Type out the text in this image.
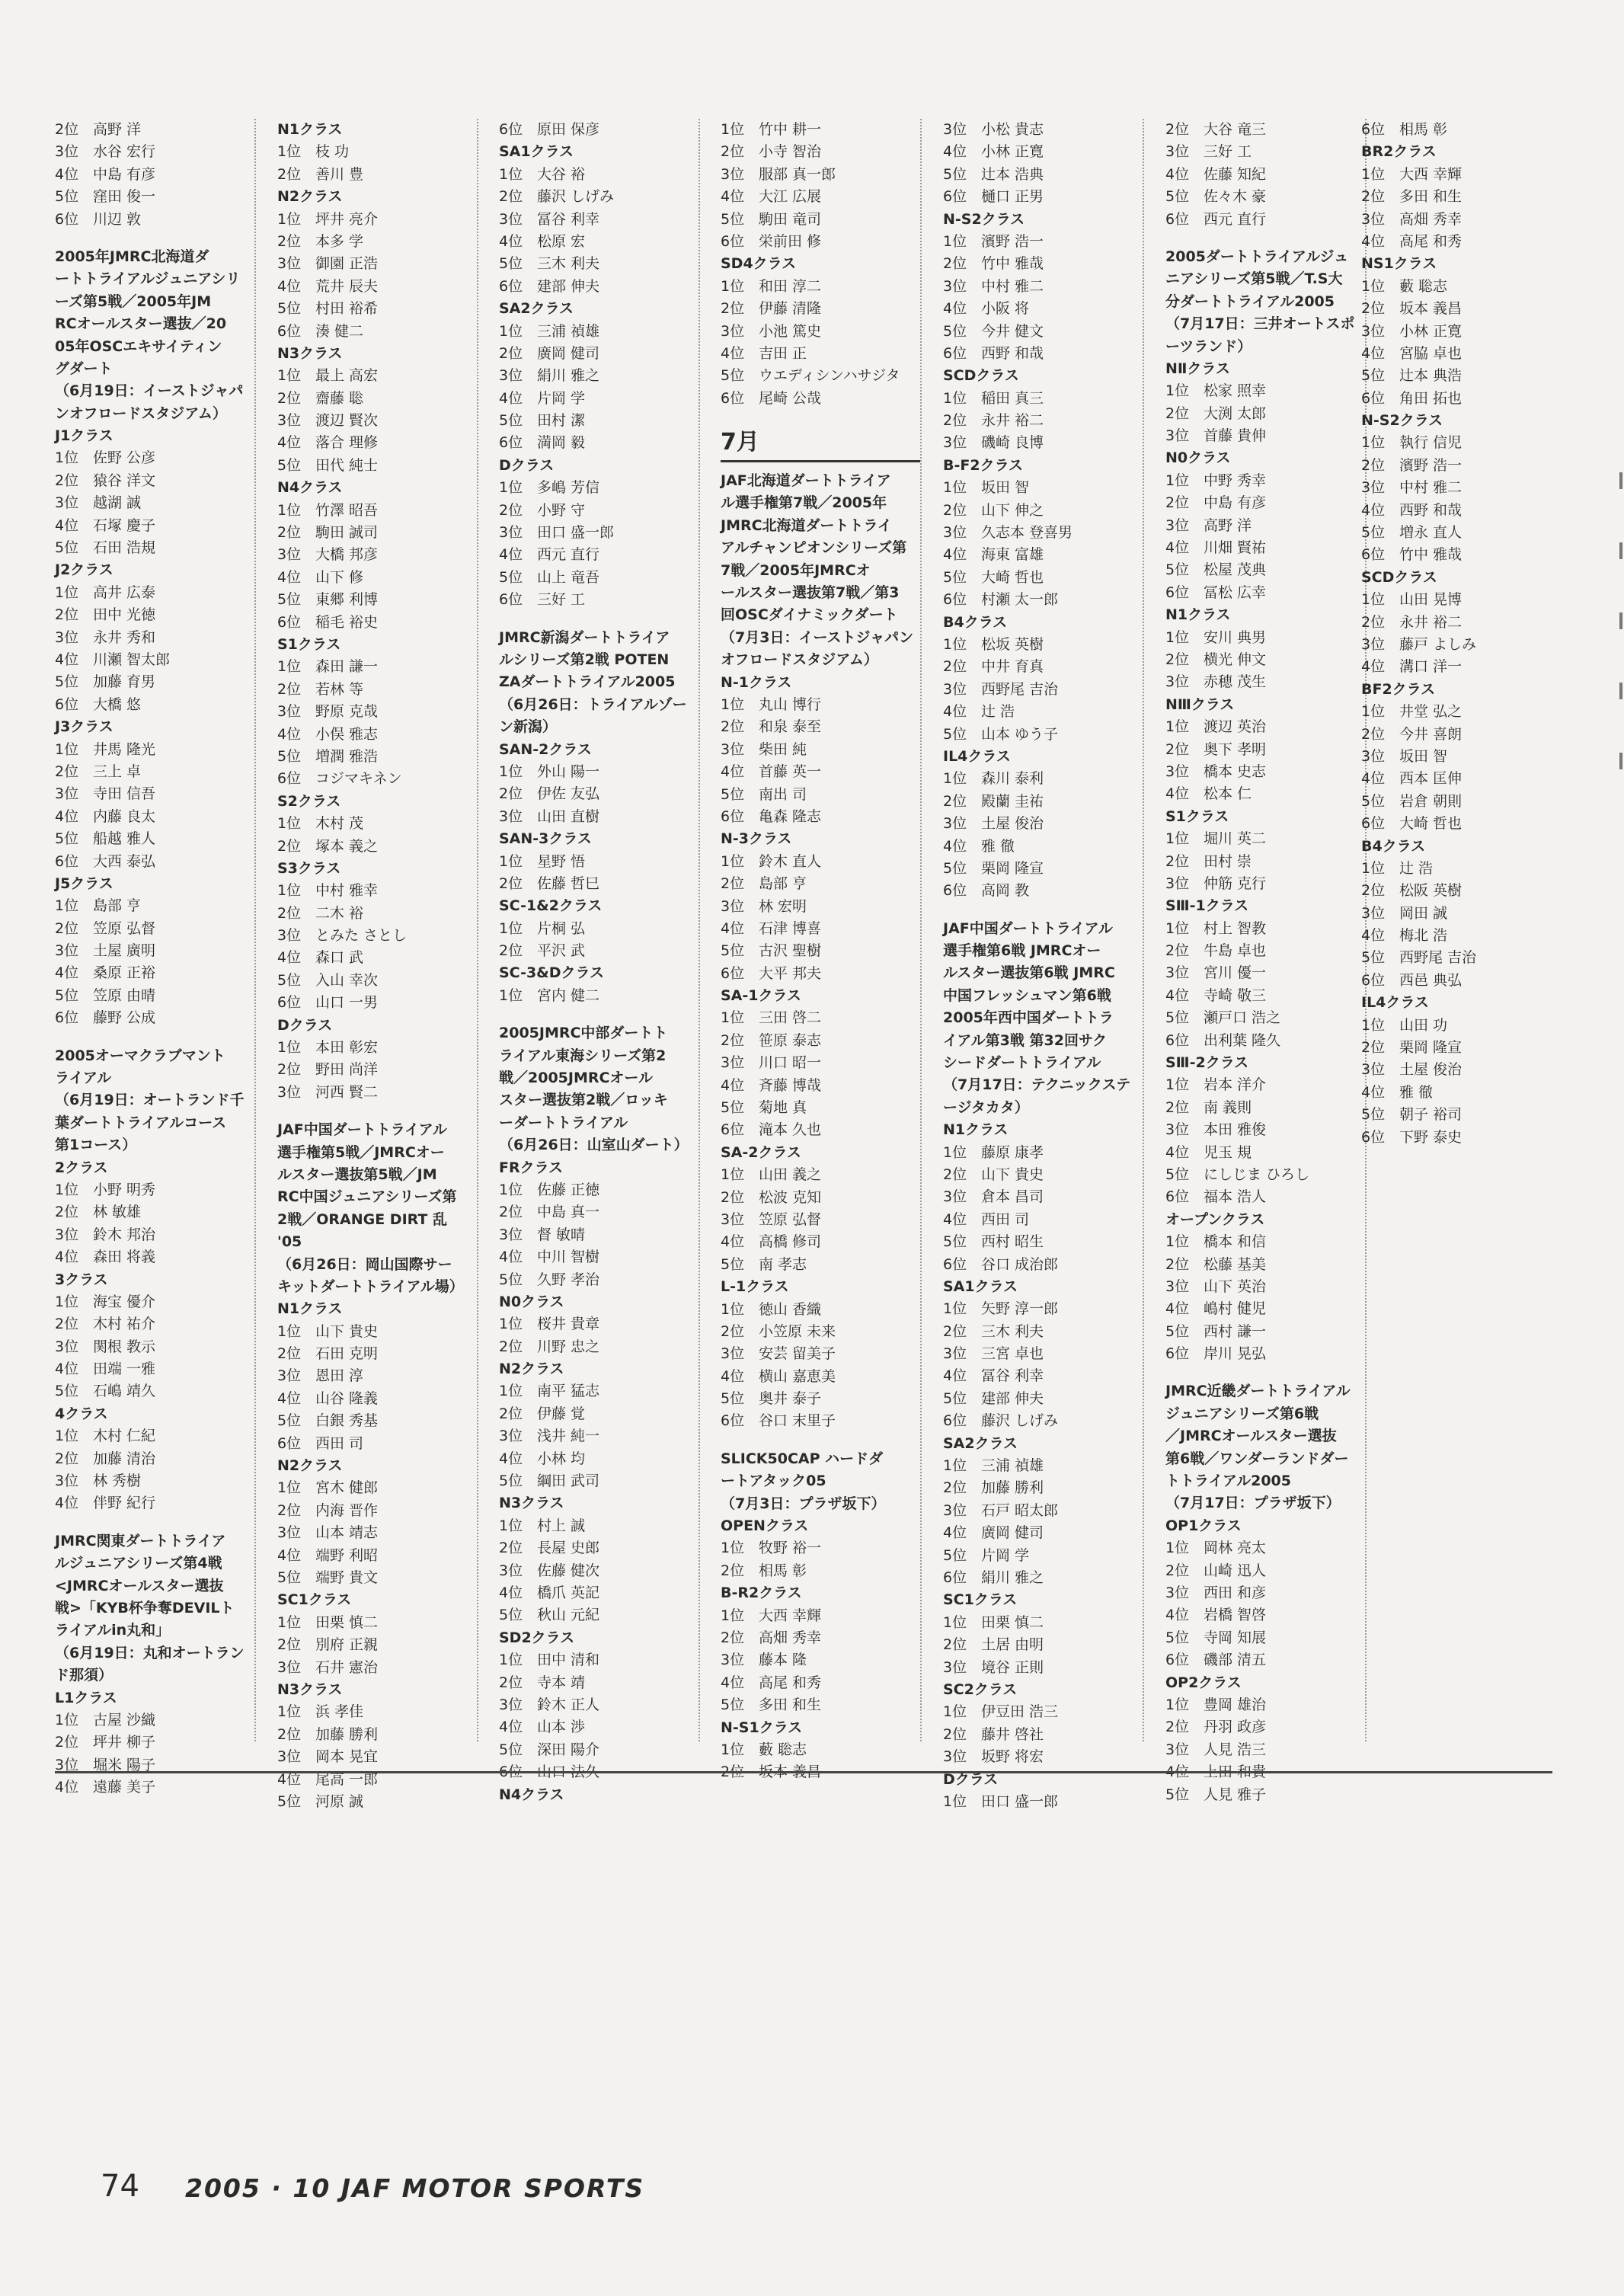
2位 高野 洋
3位 水谷 宏行
4位 中島 有彦
5位 窪田 俊一
6位 川辺 敦
2005年JMRC北海道ダ
ートトライアルジュニアシリ
ーズ第5戦／2005年JM
RCオールスター選抜／20
05年OSCエキサイティン
グダート
（6月19日：イーストジャパ
ンオフロードスタジアム）
J1クラス
1位 佐野 公彦
2位 猿谷 洋文
3位 越湖 誠
4位 石塚 慶子
5位 石田 浩規
J2クラス
1位 高井 広泰
2位 田中 光徳
3位 永井 秀和
4位 川瀬 智太郎
5位 加藤 育男
6位 大橋 悠
J3クラス
1位 井馬 隆光
2位 三上 卓
3位 寺田 信吾
4位 内藤 良太
5位 船越 雅人
6位 大西 泰弘
J5クラス
1位 島部 亨
2位 笠原 弘督
3位 土屋 廣明
4位 桑原 正裕
5位 笠原 由晴
6位 藤野 公成
2005オーマクラブマント
ライアル
（6月19日：オートランド千
葉ダートトライアルコース
第1コース）
2クラス
1位 小野 明秀
2位 林 敏雄
3位 鈴木 邦治
4位 森田 将義
3クラス
1位 海宝 優介
2位 木村 祐介
3位 関根 教示
4位 田端 一雅
5位 石嶋 靖久
4クラス
1位 木村 仁紀
2位 加藤 清治
3位 林 秀樹
4位 伴野 紀行
JMRC関東ダートトライア
ルジュニアシリーズ第4戦
<JMRCオールスター選抜
戦>「KYB杯争奪DEVILト
ライアルin丸和」
（6月19日：丸和オートラン
ド那須）
L1クラス
1位 古屋 沙織
2位 坪井 柳子
3位 堀米 陽子
4位 遠藤 美子
N1クラス
1位 枝 功
2位 善川 豊
N2クラス
1位 坪井 亮介
2位 本多 学
3位 御園 正浩
4位 荒井 辰夫
5位 村田 裕希
6位 湊 健二
N3クラス
1位 最上 高宏
2位 齋藤 聡
3位 渡辺 賢次
4位 落合 理修
5位 田代 純士
N4クラス
1位 竹澤 昭吾
2位 駒田 誠司
3位 大橋 邦彦
4位 山下 修
5位 東郷 利博
6位 稲毛 裕史
S1クラス
1位 森田 謙一
2位 若林 等
3位 野原 克哉
4位 小俣 雅志
5位 増潤 雅浩
6位 コジマキネン
S2クラス
1位 木村 茂
2位 塚本 義之
S3クラス
1位 中村 雅幸
2位 二木 裕
3位 とみた さとし
4位 森口 武
5位 入山 幸次
6位 山口 一男
Dクラス
1位 本田 彰宏
2位 野田 尚洋
3位 河西 賢二
JAF中国ダートトライアル
選手権第5戦／JMRCオー
ルスター選抜第5戦／JM
RC中国ジュニアシリーズ第
2戦／ORANGE DIRT 乱
'05
（6月26日：岡山国際サー
キットダートトライアル場）
N1クラス
1位 山下 貴史
2位 石田 克明
3位 恩田 淳
4位 山谷 隆義
5位 白銀 秀基
6位 西田 司
N2クラス
1位 宮木 健郎
2位 内海 晋作
3位 山本 靖志
4位 端野 利昭
5位 端野 貴文
SC1クラス
1位 田栗 慎二
2位 別府 正親
3位 石井 憲治
N3クラス
1位 浜 孝佳
2位 加藤 勝利
3位 岡本 晃宜
4位 尾高 一郎
5位 河原 誠
6位 原田 保彦
SA1クラス
1位 大谷 裕
2位 藤沢 しげみ
3位 冨谷 利幸
4位 松原 宏
5位 三木 利夫
6位 建部 伸夫
SA2クラス
1位 三浦 禎雄
2位 廣岡 健司
3位 絹川 雅之
4位 片岡 学
5位 田村 潔
6位 満岡 毅
Dクラス
1位 多嶋 芳信
2位 小野 守
3位 田口 盛一郎
4位 西元 直行
5位 山上 竜吾
6位 三好 工
JMRC新潟ダートトライア
ルシリーズ第2戦 POTEN
ZAダートトライアル2005
（6月26日：トライアルゾー
ン新潟）
SAN-2クラス
1位 外山 陽一
2位 伊佐 友弘
3位 山田 直樹
SAN-3クラス
1位 星野 悟
2位 佐藤 哲巳
SC-1&2クラス
1位 片桐 弘
2位 平沢 武
SC-3&Dクラス
1位 宮内 健二
2005JMRC中部ダートト
ライアル東海シリーズ第2
戦／2005JMRCオール
スター選抜第2戦／ロッキ
ーダートトライアル
（6月26日：山室山ダート）
FRクラス
1位 佐藤 正徳
2位 中島 真一
3位 督 敏晴
4位 中川 智樹
5位 久野 孝治
N0クラス
1位 桜井 貴章
2位 川野 忠之
N2クラス
1位 南平 猛志
2位 伊藤 覚
3位 浅井 純一
4位 小林 均
5位 綱田 武司
N3クラス
1位 村上 誠
2位 長屋 史郎
3位 佐藤 健次
4位 橋爪 英記
5位 秋山 元紀
SD2クラス
1位 田中 清和
2位 寺本 靖
3位 鈴木 正人
4位 山本 渉
5位 深田 陽介
6位 山口 法久
N4クラス
1位 竹中 耕一
2位 小寺 智治
3位 服部 真一郎
4位 大江 広展
5位 駒田 竜司
6位 栄前田 修
SD4クラス
1位 和田 淳二
2位 伊藤 清隆
3位 小池 篤史
4位 吉田 正
5位 ウエディシンハサジタ
6位 尾崎 公哉
7月
JAF北海道ダートトライア
ル選手権第7戦／2005年
JMRC北海道ダートトライ
アルチャンピオンシリーズ第
7戦／2005年JMRCオ
ールスター選抜第7戦／第3
回OSCダイナミックダート
（7月3日：イーストジャパン
オフロードスタジアム）
N-1クラス
1位 丸山 博行
2位 和泉 泰至
3位 柴田 純
4位 首藤 英一
5位 南出 司
6位 亀森 隆志
N-3クラス
1位 鈴木 直人
2位 島部 亨
3位 林 宏明
4位 石津 博喜
5位 古沢 聖樹
6位 大平 邦夫
SA-1クラス
1位 三田 啓二
2位 笹原 泰志
3位 川口 昭一
4位 斉藤 博哉
5位 菊地 真
6位 滝本 久也
SA-2クラス
1位 山田 義之
2位 松波 克知
3位 笠原 弘督
4位 高橋 修司
5位 南 孝志
L-1クラス
1位 徳山 香織
2位 小笠原 未来
3位 安芸 留美子
4位 横山 嘉恵美
5位 奥井 泰子
6位 谷口 末里子
SLICK50CAP ハードダ
ートアタック05
（7月3日：プラザ坂下）
OPENクラス
1位 牧野 裕一
2位 相馬 彰
B-R2クラス
1位 大西 幸輝
2位 高畑 秀幸
3位 藤本 隆
4位 高尾 和秀
5位 多田 和生
N-S1クラス
1位 藪 聡志
2位 坂本 義昌
3位 小松 貴志
4位 小林 正寛
5位 辻本 浩典
6位 樋口 正男
N-S2クラス
1位 濱野 浩一
2位 竹中 雅哉
3位 中村 雅二
4位 小阪 将
5位 今井 健文
6位 西野 和哉
SCDクラス
1位 稲田 真三
2位 永井 裕二
3位 磯崎 良博
B-F2クラス
1位 坂田 智
2位 山下 伸之
3位 久志本 登喜男
4位 海東 富雄
5位 大崎 哲也
6位 村瀬 太一郎
B4クラス
1位 松坂 英樹
2位 中井 育真
3位 西野尾 吉治
4位 辻 浩
5位 山本 ゆう子
IL4クラス
1位 森川 泰利
2位 殿蘭 圭祐
3位 土屋 俊治
4位 雅 徹
5位 栗岡 隆宣
6位 高岡 教
JAF中国ダートトライアル
選手権第6戦 JMRCオー
ルスター選抜第6戦 JMRC
中国フレッシュマン第6戦
2005年西中国ダートトラ
イアル第3戦 第32回サク
シードダートトライアル
（7月17日：テクニックステ
ージタカタ）
N1クラス
1位 藤原 康孝
2位 山下 貴史
3位 倉本 昌司
4位 西田 司
5位 西村 昭生
6位 谷口 成治郎
SA1クラス
1位 矢野 淳一郎
2位 三木 利夫
3位 三宮 卓也
4位 冨谷 利幸
5位 建部 伸夫
6位 藤沢 しげみ
SA2クラス
1位 三浦 禎雄
2位 加藤 勝利
3位 石戸 昭太郎
4位 廣岡 健司
5位 片岡 学
6位 絹川 雅之
SC1クラス
1位 田栗 慎二
2位 土居 由明
3位 境谷 正則
SC2クラス
1位 伊豆田 浩三
2位 藤井 啓社
3位 坂野 将宏
Dクラス
1位 田口 盛一郎
2位 大谷 竜三
3位 三好 工
4位 佐藤 知紀
5位 佐々木 豪
6位 西元 直行
2005ダートトライアルジュ
ニアシリーズ第5戦／T.S大
分ダートトライアル2005
（7月17日：三井オートスポ
ーツランド）
NⅡクラス
1位 松家 照幸
2位 大渕 太郎
3位 首藤 貴伸
N0クラス
1位 中野 秀幸
2位 中島 有彦
3位 高野 洋
4位 川畑 賢祐
5位 松屋 茂典
6位 冨松 広幸
N1クラス
1位 安川 典男
2位 横光 伸文
3位 赤穂 茂生
NⅢクラス
1位 渡辺 英治
2位 奥下 孝明
3位 橋本 史志
4位 松本 仁
S1クラス
1位 堀川 英二
2位 田村 崇
3位 仲筋 克行
SⅢ-1クラス
1位 村上 智教
2位 牛島 卓也
3位 宮川 優一
4位 寺崎 敬三
5位 瀬戸口 浩之
6位 出利葉 隆久
SⅢ-2クラス
1位 岩本 洋介
2位 南 義則
3位 本田 雅俊
4位 児玉 規
5位 にしじま ひろし
6位 福本 浩人
オープンクラス
1位 橋本 和信
2位 松藤 基美
3位 山下 英治
4位 嶋村 健児
5位 西村 謙一
6位 岸川 晃弘
JMRC近畿ダートトライアル
ジュニアシリーズ第6戦
／JMRCオールスター選抜
第6戦／ワンダーランドダー
トトライアル2005
（7月17日：プラザ坂下）
OP1クラス
1位 岡林 亮太
2位 山崎 迅人
3位 西田 和彦
4位 岩橋 智啓
5位 寺岡 知展
6位 磯部 清五
OP2クラス
1位 豊岡 雄治
2位 丹羽 政彦
3位 人見 浩三
4位 上田 和貴
5位 人見 雅子
6位 相馬 彰
BR2クラス
1位 大西 幸輝
2位 多田 和生
3位 高畑 秀幸
4位 高尾 和秀
NS1クラス
1位 藪 聡志
2位 坂本 義昌
3位 小林 正寛
4位 宮脇 卓也
5位 辻本 典浩
6位 角田 拓也
N-S2クラス
1位 執行 信児
2位 濱野 浩一
3位 中村 雅二
4位 西野 和哉
5位 増永 直人
6位 竹中 雅哉
SCDクラス
1位 山田 晃博
2位 永井 裕二
3位 藤戸 よしみ
4位 溝口 洋一
BF2クラス
1位 井堂 弘之
2位 今井 喜朗
3位 坂田 智
4位 西本 匡伸
5位 岩倉 朝則
6位 大崎 哲也
B4クラス
1位 辻 浩
2位 松阪 英樹
3位 岡田 誠
4位 梅北 浩
5位 西野尾 吉治
6位 西邑 典弘
IL4クラス
1位 山田 功
2位 栗岡 隆宣
3位 土屋 俊治
4位 雅 徹
5位 朝子 裕司
6位 下野 泰史
74 2005 · 10 JAF MOTOR SPORTS
